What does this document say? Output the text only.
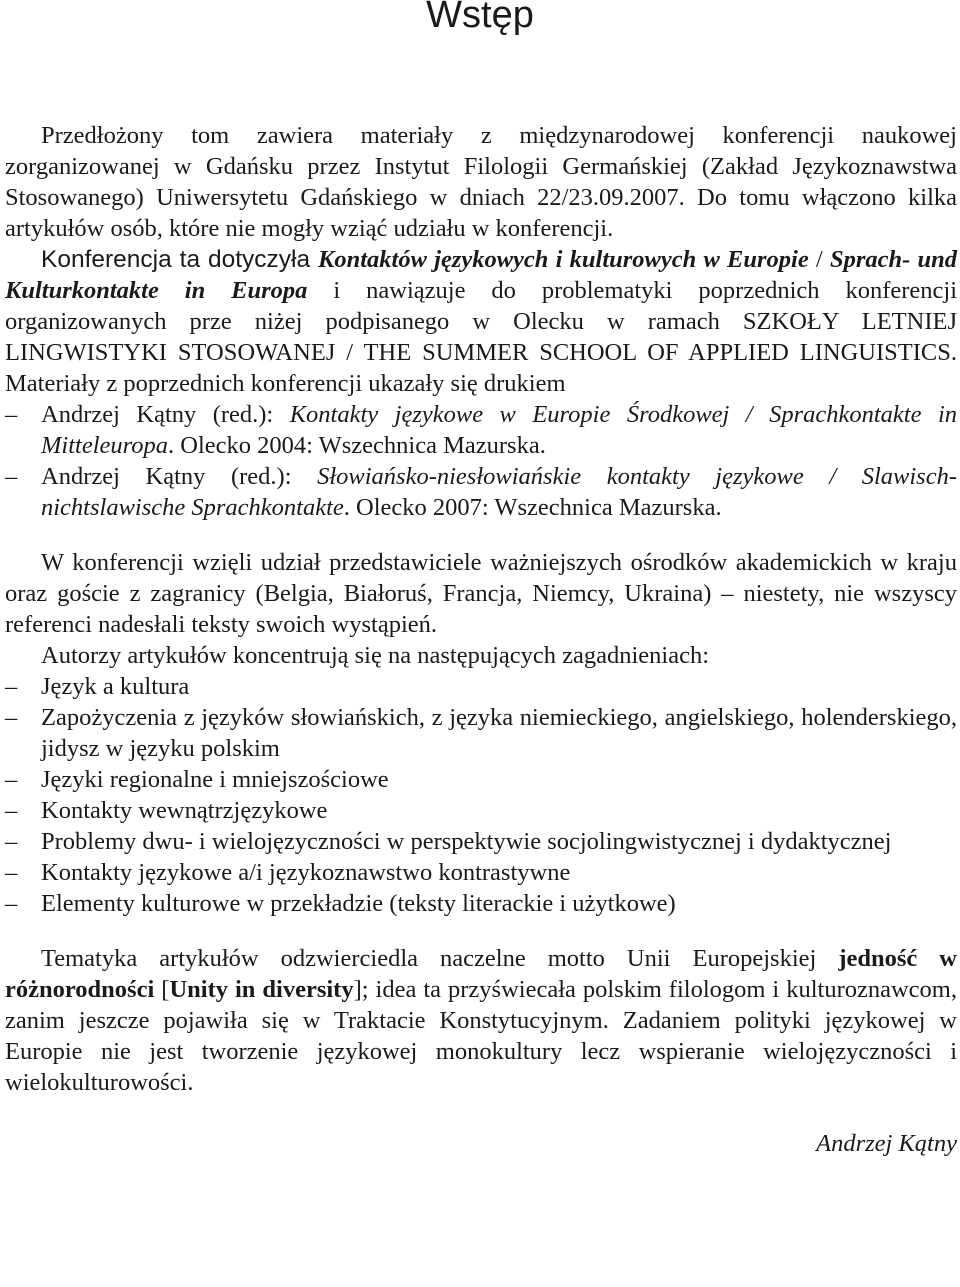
Wstęp

Przedłożony tom zawiera materiały z międzynarodowej konferencji naukowej zorganizowanej w Gdańsku przez Instytut Filologii Germańskiej (Zakład Językoznawstwa Stosowanego) Uniwersytetu Gdańskiego w dniach 22/23.09.2007. Do tomu włączono kilka artykułów osób, które nie mogły wziąć udziału w konferencji.

Konferencja ta dotyczyła Kontaktów językowych i kulturowych w Europie / Sprach- und Kulturkontakte in Europa i nawiązuje do problematyki poprzednich konferencji organizowanych prze niżej podpisanego w Olecku w ramach SZKOŁY LETNIEJ LINGWISTYKI STOSOWANEJ / THE SUMMER SCHOOL OF APPLIED LINGUISTICS. Materiały z poprzednich konferencji ukazały się drukiem

– Andrzej Kątny (red.): Kontakty językowe w Europie Środkowej / Sprachkontakte in Mitteleuropa. Olecko 2004: Wszechnica Mazurska.
– Andrzej Kątny (red.): Słowiańsko-niesłowiańskie kontakty językowe / Slawisch-nichtslawische Sprachkontakte. Olecko 2007: Wszechnica Mazurska.

W konferencji wzięli udział przedstawiciele ważniejszych ośrodków akademickich w kraju oraz goście z zagranicy (Belgia, Białoruś, Francja, Niemcy, Ukraina) – niestety, nie wszyscy referenci nadesłali teksty swoich wystąpień.

Autorzy artykułów koncentrują się na następujących zagadnieniach:

– Język a kultura
– Zapożyczenia z języków słowiańskich, z języka niemieckiego, angielskiego, holenderskiego, jidysz w języku polskim
– Języki regionalne i mniejszościowe
– Kontakty wewnątrzjęzykowe
– Problemy dwu- i wielojęzyczności w perspektywie socjolingwistycznej i dydaktycznej
– Kontakty językowe a/i językoznawstwo kontrastywne
– Elementy kulturowe w przekładzie (teksty literackie i użytkowe)

Tematyka artykułów odzwierciedla naczelne motto Unii Europejskiej jedność w różnorodności [Unity in diversity]; idea ta przyświecała polskim filologom i kulturoznawcom, zanim jeszcze pojawiła się w Traktacie Konstytucyjnym. Zadaniem polityki językowej w Europie nie jest tworzenie językowej monokultury lecz wspieranie wielojęzyczności i wielokulturowości.

Andrzej Kątny
